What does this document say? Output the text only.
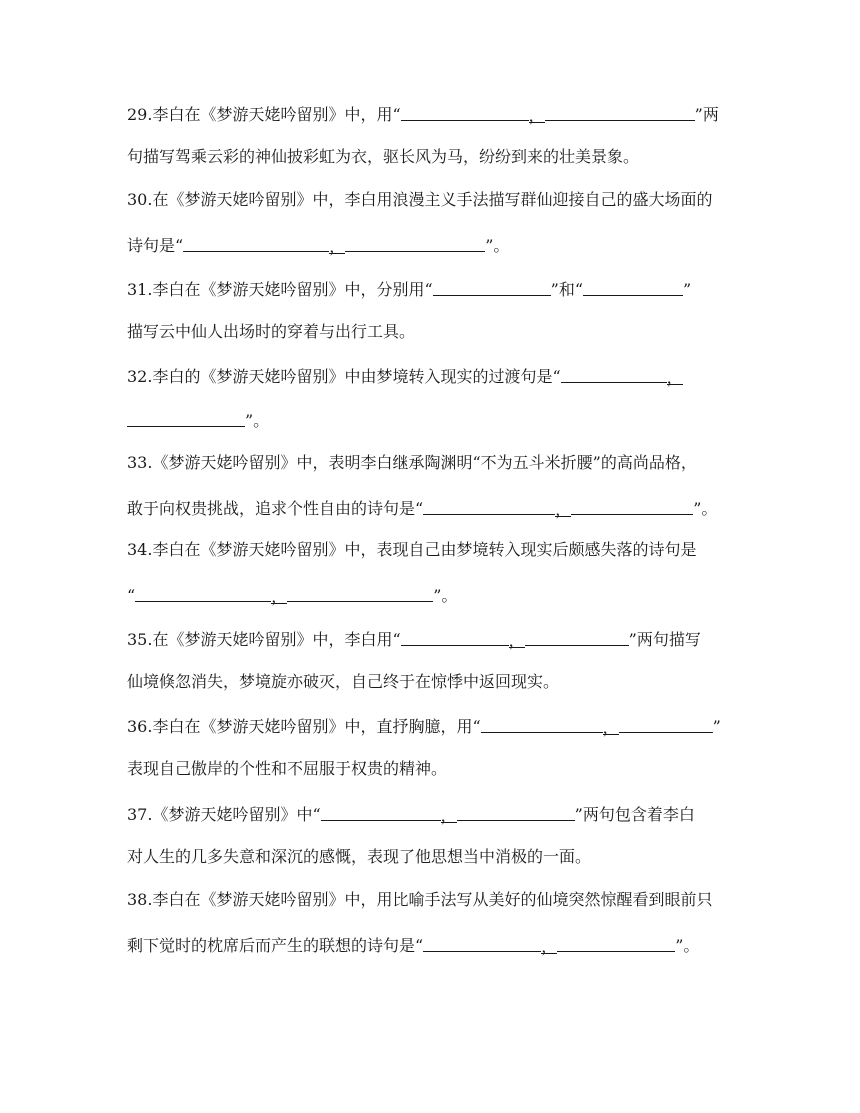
29.李白在《梦游天姥吟留别》中，用“	，	”两
句描写驾乘云彩的神仙披彩虹为衣，驱长风为马，纷纷到来的壮美景象。
30.在《梦游天姥吟留别》中，李白用浪漫主义手法描写群仙迎接自己的盛大场面的
诗句是“	，	”。
31.李白在《梦游天姥吟留别》中，分别用“	”和“	”
描写云中仙人出场时的穿着与出行工具。
32.李白的《梦游天姥吟留别》中由梦境转入现实的过渡句是“	，
”。
33.《梦游天姥吟留别》中，表明李白继承陶渊明“不为五斗米折腰”的高尚品格，
敢于向权贵挑战，追求个性自由的诗句是“	，	”。
34.李白在《梦游天姥吟留别》中，表现自己由梦境转入现实后颇感失落的诗句是
“	，	”。
35.在《梦游天姥吟留别》中，李白用“	，	”两句描写
仙境倏忽消失，梦境旋亦破灭，自己终于在惊悸中返回现实。
36.李白在《梦游天姥吟留别》中，直抒胸臆，用“	，	”
表现自己傲岸的个性和不屈服于权贵的精神。
37.《梦游天姥吟留别》中“	，	”两句包含着李白
对人生的几多失意和深沉的感慨，表现了他思想当中消极的一面。
38.李白在《梦游天姥吟留别》中，用比喻手法写从美好的仙境突然惊醒看到眼前只
剩下觉时的枕席后而产生的联想的诗句是“	，	”。
